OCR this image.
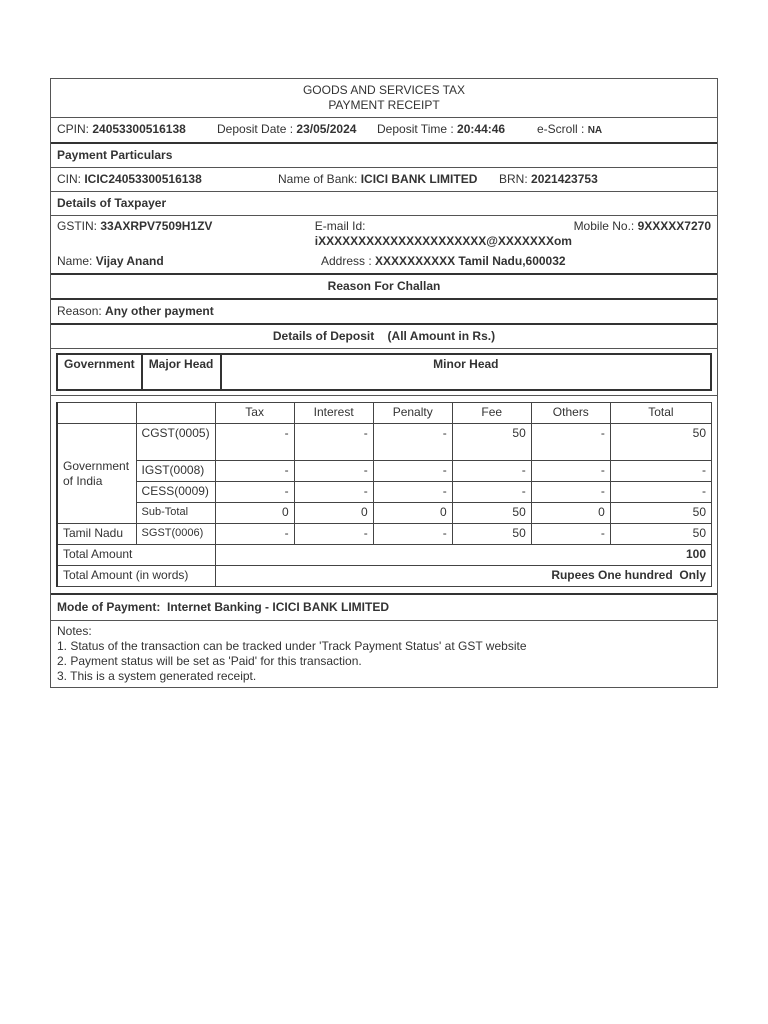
GOODS AND SERVICES TAX
PAYMENT RECEIPT
CPIN: 24053300516138	Deposit Date : 23/05/2024	Deposit Time : 20:44:46	e-Scroll : NA
Payment Particulars
CIN: ICIC24053300516138	Name of Bank: ICICI BANK LIMITED	BRN: 2021423753
Details of Taxpayer
GSTIN: 33AXRPV7509H1ZV	E-mail Id:
iXXXXXXXXXXXXXXXXXXXXX@XXXXXXXom
Mobile No.: 9XXXXX7270
Name: Vijay Anand	Address : XXXXXXXXXX Tamil Nadu,600032
Reason For Challan
Reason: Any other payment
Details of Deposit    (All Amount in Rs.)
Government	Major Head	Minor Head
		Tax	Interest	Penalty	Fee	Others	Total
Government
of India	CGST(0005)	-	-	-	50	-	50
	IGST(0008)	-	-	-	-	-	-
	CESS(0009)	-	-	-	-	-	-
	Sub-Total	0	0	0	50	0	50
Tamil Nadu	SGST(0006)	-	-	-	50	-	50
Total Amount		100					
Total Amount (in words)		Rupees One hundred  Only					
Mode of Payment: Internet Banking - ICICI BANK LIMITED
Notes:
1. Status of the transaction can be tracked under 'Track Payment Status' at GST website
2. Payment status will be set as 'Paid' for this transaction.
3. This is a system generated receipt.
